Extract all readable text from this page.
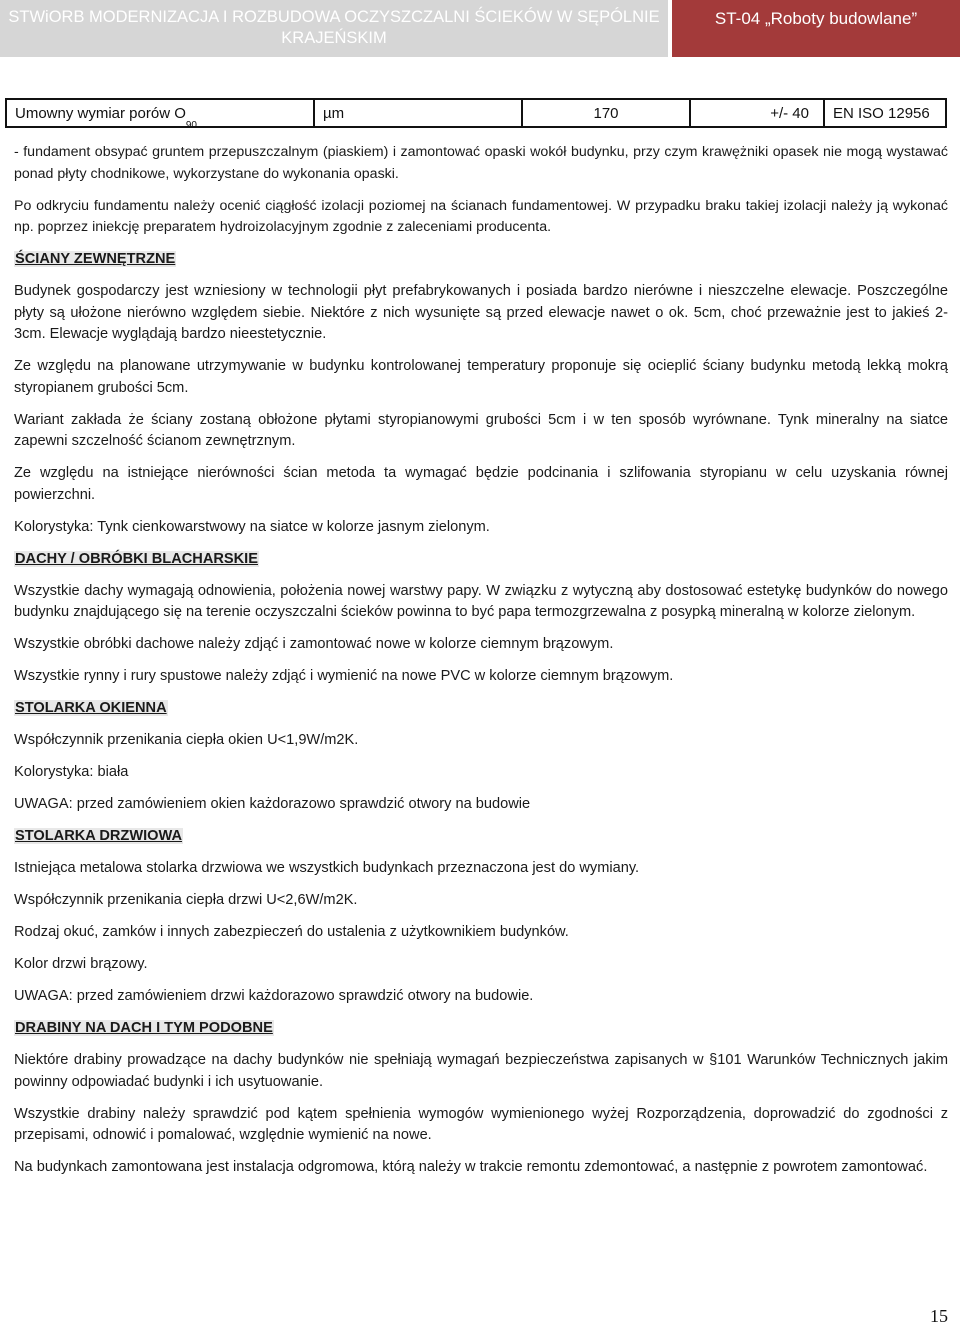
STWiORB MODERNIZACJA I ROZBUDOWA OCZYSZCZALNI ŚCIEKÓW W SĘPÓLNIE KRAJEŃSKIM
ST-04 „Roboty budowlane”
Umowny wymiar porów $O_{90}$	µm	170	+/- 40	EN ISO 12956

- fundament obsypać gruntem przepuszczalnym (piaskiem) i zamontować opaski wokół budynku, przy czym krawężniki opasek nie mogą wystawać ponad płyty chodnikowe, wykorzystane do wykonania opaski.

Po odkryciu fundamentu należy ocenić ciągłość izolacji poziomej na ścianach fundamentowej. W przypadku braku takiej izolacji należy ją wykonać np. poprzez iniekcję preparatem hydroizolacyjnym zgodnie z zaleceniami producenta.

ŚCIANY ZEWNĘTRZNE

Budynek gospodarczy jest wzniesiony w technologii płyt prefabrykowanych i posiada bardzo nierówne i nieszczelne elewacje. Poszczególne płyty są ułożone nierówno względem siebie. Niektóre z nich wysunięte są przed elewacje nawet o ok. 5cm, choć przeważnie jest to jakieś 2-3cm. Elewacje wyglądają bardzo nieestetycznie.

Ze względu na planowane utrzymywanie w budynku kontrolowanej temperatury proponuje się ocieplić ściany budynku metodą lekką mokrą styropianem grubości 5cm.

Wariant zakłada że ściany zostaną obłożone płytami styropianowymi grubości 5cm i w ten sposób wyrównane. Tynk mineralny na siatce zapewni szczelność ścianom zewnętrznym.

Ze względu na istniejące nierówności ścian metoda ta wymagać będzie podcinania i szlifowania styropianu w celu uzyskania równej powierzchni.

Kolorystyka: Tynk cienkowarstwowy na siatce w kolorze jasnym zielonym.

DACHY / OBRÓBKI BLACHARSKIE

Wszystkie dachy wymagają odnowienia, położenia nowej warstwy papy. W związku z wytyczną aby dostosować estetykę budynków do nowego budynku znajdującego się na terenie oczyszczalni ścieków powinna to być papa termozgrzewalna z posypką mineralną w kolorze zielonym.

Wszystkie obróbki dachowe należy zdjąć i zamontować nowe w kolorze ciemnym brązowym.

Wszystkie rynny i rury spustowe należy zdjąć i wymienić na nowe PVC w kolorze ciemnym brązowym.

STOLARKA OKIENNA

Współczynnik przenikania ciepła okien U<1,9W/m2K.

Kolorystyka: biała

UWAGA: przed zamówieniem okien każdorazowo sprawdzić otwory na budowie

STOLARKA DRZWIOWA

Istniejąca metalowa stolarka drzwiowa we wszystkich budynkach przeznaczona jest do wymiany.

Współczynnik przenikania ciepła drzwi U<2,6W/m2K.

Rodzaj okuć, zamków i innych zabezpieczeń do ustalenia z użytkownikiem budynków.

Kolor drzwi brązowy.

UWAGA: przed zamówieniem drzwi każdorazowo sprawdzić otwory na budowie.

DRABINY NA DACH I TYM PODOBNE

Niektóre drabiny prowadzące na dachy budynków nie spełniają wymagań bezpieczeństwa zapisanych w §101 Warunków Technicznych jakim powinny odpowiadać budynki i ich usytuowanie.

Wszystkie drabiny należy sprawdzić pod kątem spełnienia wymogów wymienionego wyżej Rozporządzenia, doprowadzić do zgodności z przepisami, odnowić i pomalować, względnie wymienić na nowe.

Na budynkach zamontowana jest instalacja odgromowa, którą należy w trakcie remontu zdemontować, a następnie z powrotem zamontować.

15
